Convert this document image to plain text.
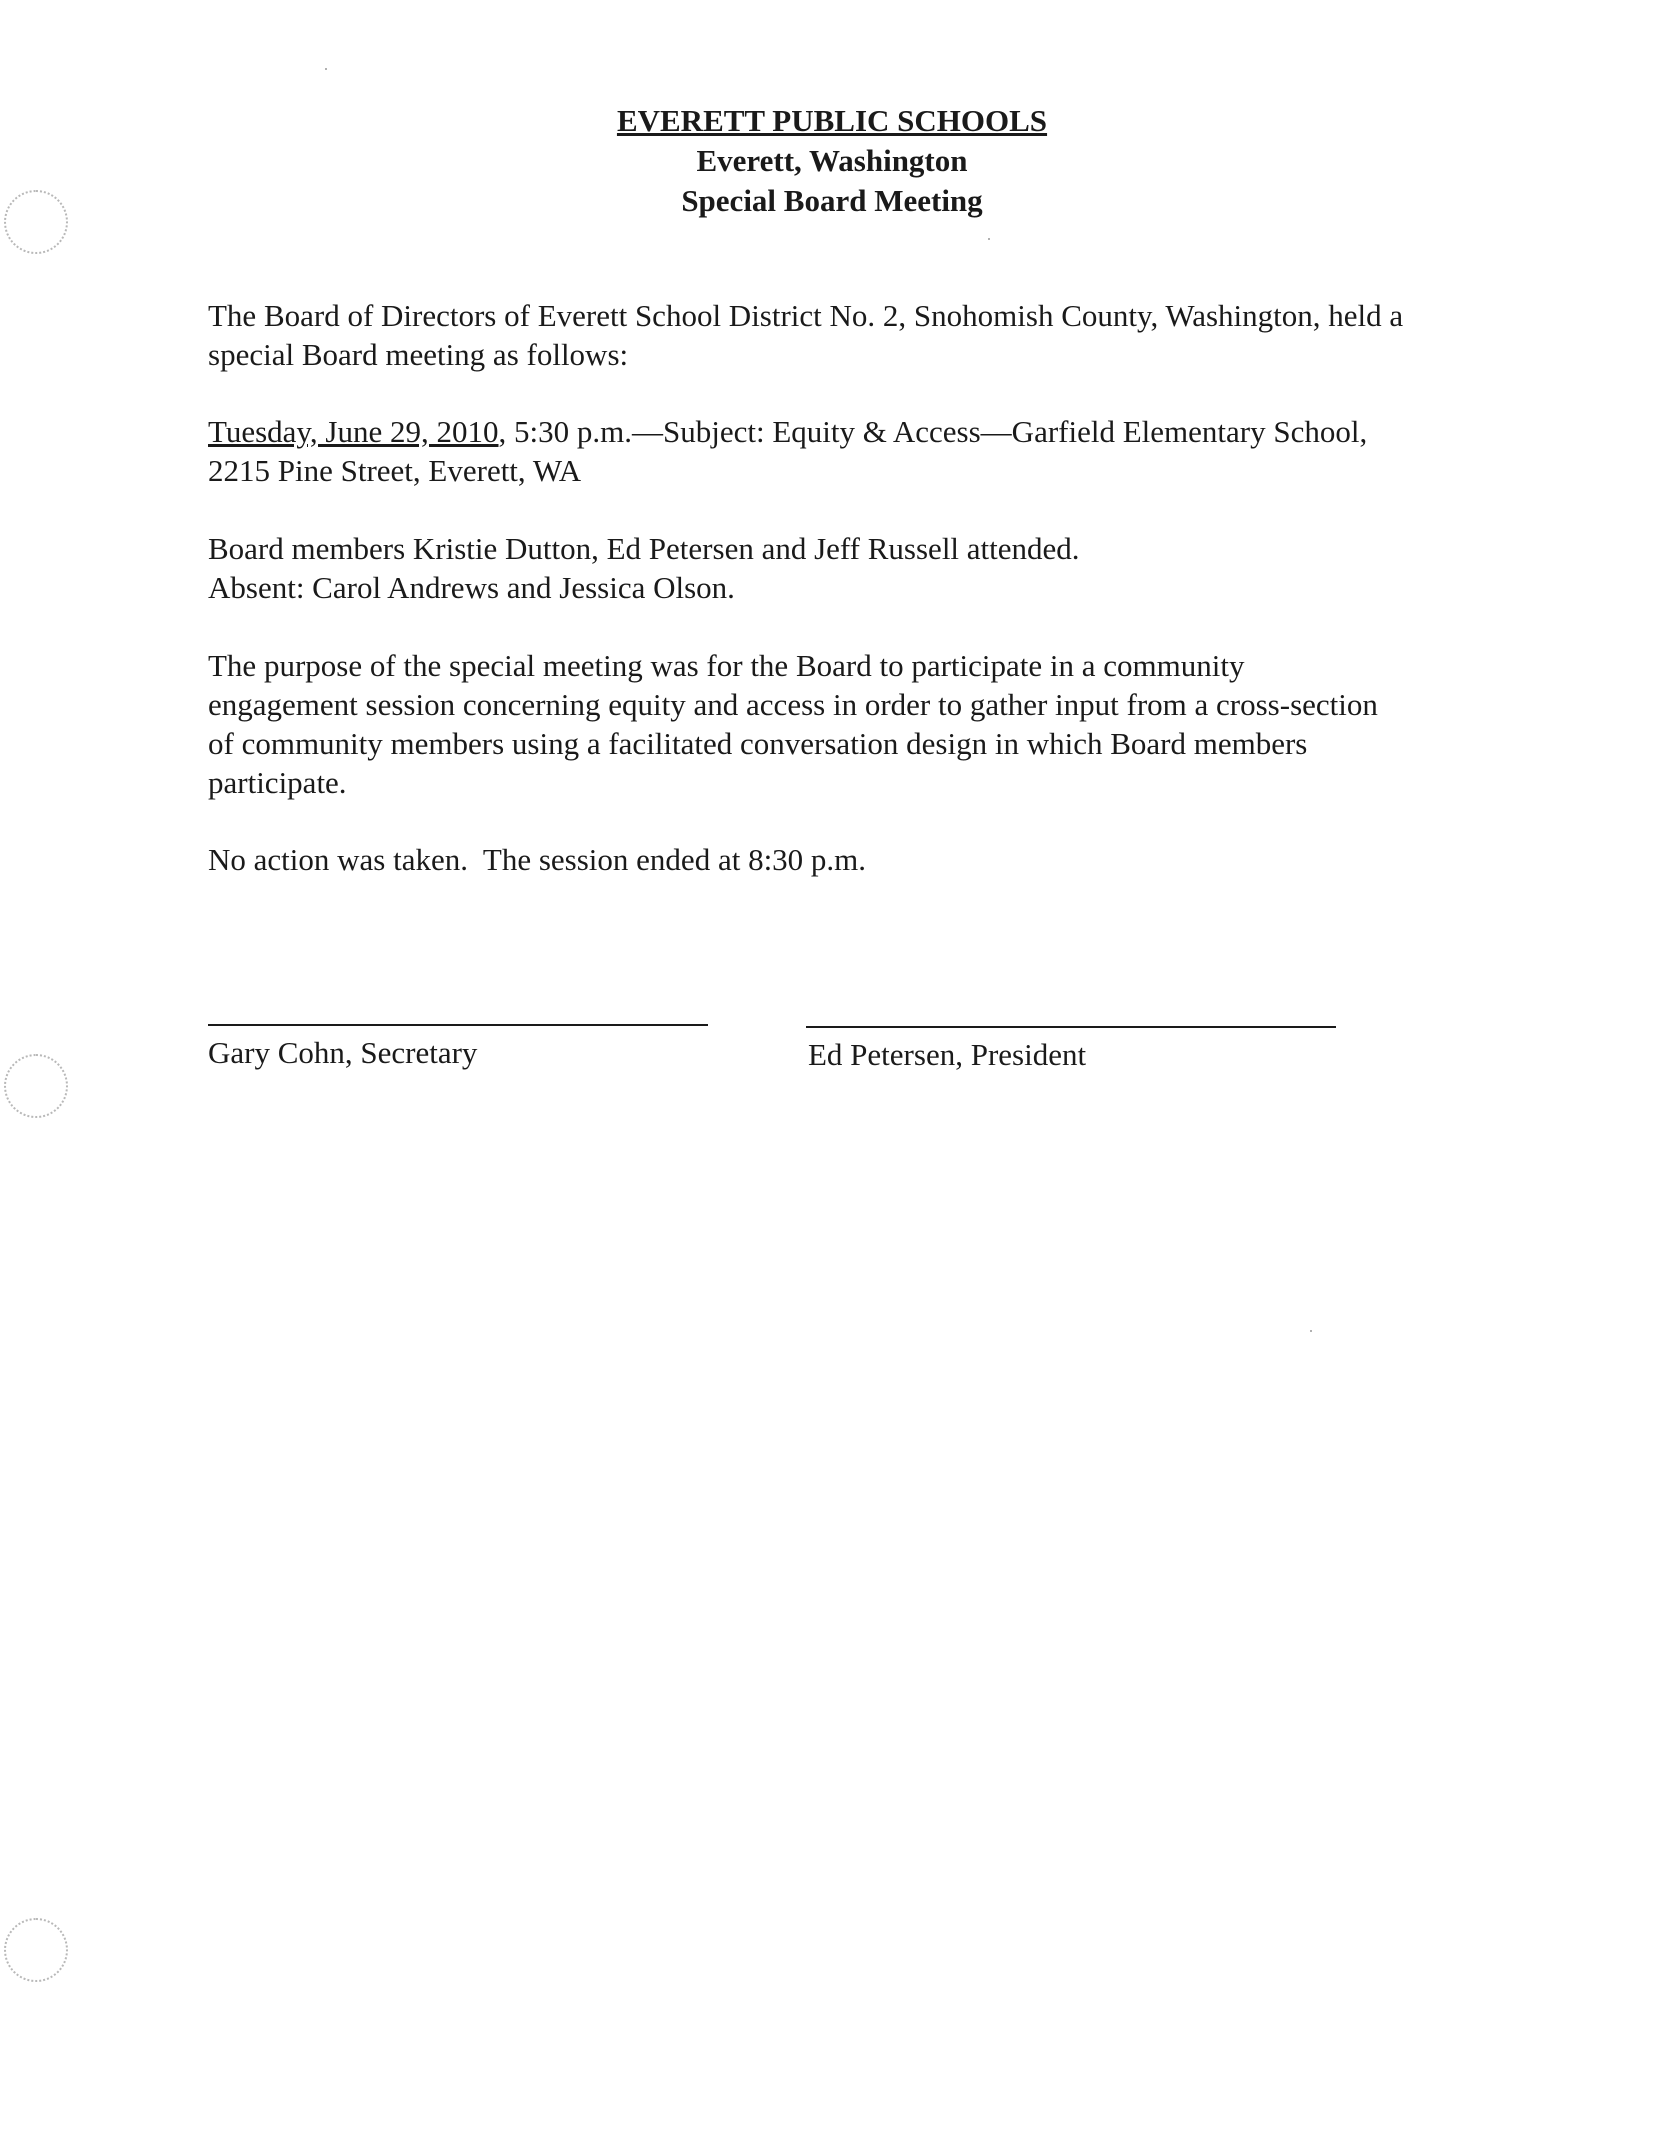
EVERETT PUBLIC SCHOOLS
Everett, Washington
Special Board Meeting
The Board of Directors of Everett School District No. 2, Snohomish County, Washington, held a special Board meeting as follows:
Tuesday, June 29, 2010, 5:30 p.m.—Subject: Equity & Access—Garfield Elementary School, 2215 Pine Street, Everett, WA
Board members Kristie Dutton, Ed Petersen and Jeff Russell attended.
Absent: Carol Andrews and Jessica Olson.
The purpose of the special meeting was for the Board to participate in a community engagement session concerning equity and access in order to gather input from a cross-section of community members using a facilitated conversation design in which Board members participate.
No action was taken.  The session ended at 8:30 p.m.
Gary Cohn, Secretary	Ed Petersen, President
